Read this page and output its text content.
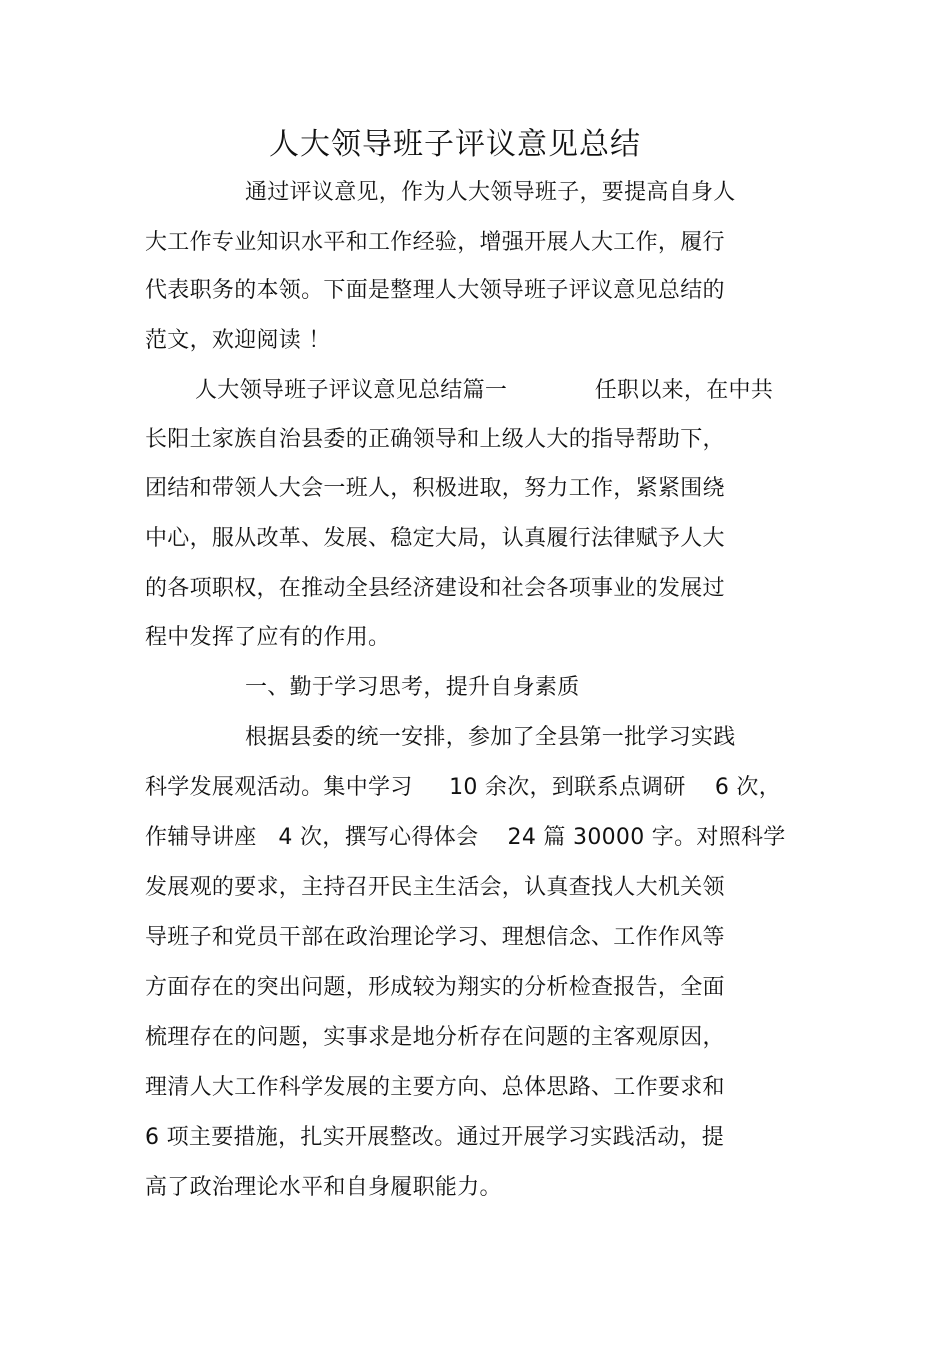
人大领导班子评议意见总结
通过评议意见，作为人大领导班子，要提高自身人
大工作专业知识水平和工作经验，增强开展人大工作，履行
代表职务的本领。下面是整理人大领导班子评议意见总结的
范文，欢迎阅读 ！
人大领导班子评议意见总结篇一            任职以来，在中共
长阳土家族自治县委的正确领导和上级人大的指导帮助下，
团结和带领人大会一班人，积极进取，努力工作，紧紧围绕
中心，服从改革、发展、稳定大局，认真履行法律赋予人大
的各项职权，在推动全县经济建设和社会各项事业的发展过
程中发挥了应有的作用。
一、勤于学习思考，提升自身素质
根据县委的统一安排，参加了全县第一批学习实践
科学发展观活动。集中学习     10 余次，到联系点调研    6 次，
作辅导讲座   4 次，撰写心得体会    24 篇 30000 字。对照科学
发展观的要求，主持召开民主生活会，认真查找人大机关领
导班子和党员干部在政治理论学习、理想信念、工作作风等
方面存在的突出问题，形成较为翔实的分析检查报告，全面
梳理存在的问题，实事求是地分析存在问题的主客观原因，
理清人大工作科学发展的主要方向、总体思路、工作要求和
6 项主要措施，扎实开展整改。通过开展学习实践活动，提
高了政治理论水平和自身履职能力。
